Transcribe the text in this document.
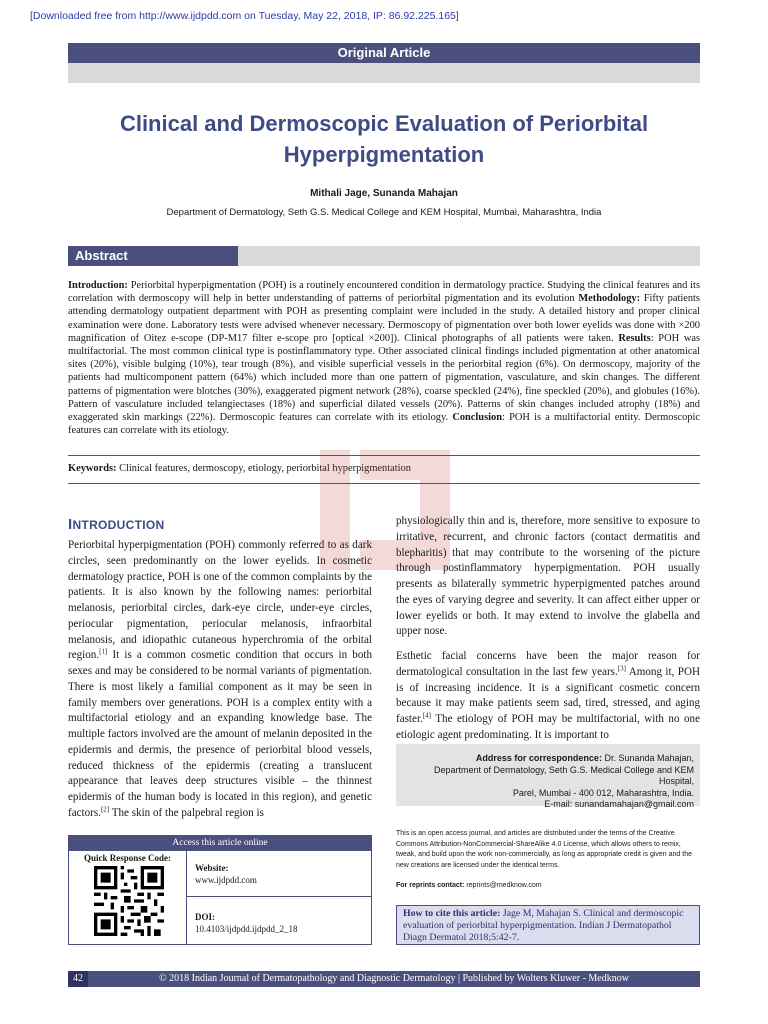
[Downloaded free from http://www.ijdpdd.com on Tuesday, May 22, 2018, IP: 86.92.225.165]
Original Article
Clinical and Dermoscopic Evaluation of Periorbital
Hyperpigmentation
Mithali Jage, Sunanda Mahajan
Department of Dermatology, Seth G.S. Medical College and KEM Hospital, Mumbai, Maharashtra, India
Abstract
Introduction: Periorbital hyperpigmentation (POH) is a routinely encountered condition in dermatology practice. Studying the clinical features and its correlation with dermoscopy will help in better understanding of patterns of periorbital pigmentation and its evolution Methodology: Fifty patients attending dermatology outpatient department with POH as presenting complaint were included in the study. A detailed history and proper clinical examination were done. Laboratory tests were advised whenever necessary. Dermoscopy of pigmentation over both lower eyelids was done with ×200 magnification of Oitez e-scope (DP-M17 filter e-scope pro [optical ×200]). Clinical photographs of all patients were taken. Results: POH was multifactorial. The most common clinical type is postinflammatory type. Other associated clinical findings included pigmentation at other anatomical sites (20%), visible bulging (10%), tear trough (8%), and visible superficial vessels in the periorbital region (6%). On dermoscopy, majority of the patients had multicomponent pattern (64%) which included more than one pattern of pigmentation, vasculature, and skin changes. The different patterns of pigmentation were blotches (30%), exaggerated pigment network (28%), coarse speckled (24%), fine speckled (20%), and globules (16%). Pattern of vasculature included telangiectases (18%) and superficial dilated vessels (20%). Patterns of skin changes included atrophy (18%) and exaggerated skin markings (22%). Dermoscopic features can correlate with its etiology. Conclusion: POH is a multifactorial entity. Dermoscopic features can correlate with its etiology.
Keywords: Clinical features, dermoscopy, etiology, periorbital hyperpigmentation
INTRODUCTION
Periorbital hyperpigmentation (POH) commonly referred to as dark circles, seen predominantly on the lower eyelids. In cosmetic dermatology practice, POH is one of the common complaints by the patients. It is also known by the following names: periorbital melanosis, periorbital circles, dark-eye circle, under-eye circles, periocular pigmentation, periocular melanosis, infraorbital melanosis, and idiopathic cutaneous hyperchromia of the orbital region.[1] It is a common cosmetic condition that occurs in both sexes and may be considered to be normal variants of pigmentation. There is most likely a familial component as it may be seen in family members over generations. POH is a complex entity with a multifactorial etiology and an expanding knowledge base. The multiple factors involved are the amount of melanin deposited in the epidermis and dermis, the presence of periorbital blood vessels, reduced thickness of the epidermis (creating a translucent appearance that leaves deep structures visible – the thinnest epidermis of the human body is located in this region), and genetic factors.[2] The skin of the palpebral region is

physiologically thin and is, therefore, more sensitive to exposure to irritative, recurrent, and chronic factors (contact dermatitis and blepharitis) that may contribute to the worsening of the picture through postinflammatory hyperpigmentation. POH usually presents as bilaterally symmetric hyperpigmented patches around the eyes of varying degree and severity. It can affect either upper or lower eyelids or both. It may extend to involve the glabella and upper nose.

Esthetic facial concerns have been the major reason for dermatological consultation in the last few years.[3] Among it, POH is of increasing incidence. It is a significant cosmetic concern because it may make patients seem sad, tired, stressed, and aging faster.[4] The etiology of POH may be multifactorial, with no one etiologic agent predominating. It is important to

Address for correspondence: Dr. Sunanda Mahajan,
Department of Dermatology, Seth G.S. Medical College and KEM Hospital,
Parel, Mumbai - 400 012, Maharashtra, India.
E-mail: sunandamahajan@gmail.com
Access this article online
Quick Response Code:
Website:
www.ijdpdd.com
DOI:
10.4103/ijdpdd.ijdpdd_2_18
This is an open access journal, and articles are distributed under the terms of the Creative Commons Attribution-NonCommercial-ShareAlike 4.0 License, which allows others to remix, tweak, and build upon the work non-commercially, as long as appropriate credit is given and the new creations are licensed under the identical terms.
For reprints contact: reprints@medknow.com
How to cite this article: Jage M, Mahajan S. Clinical and dermoscopic evaluation of periorbital hyperpigmentation. Indian J Dermatopathol Diagn Dermatol 2018;5:42-7.
42	© 2018 Indian Journal of Dermatopathology and Diagnostic Dermatology | Published by Wolters Kluwer - Medknow
